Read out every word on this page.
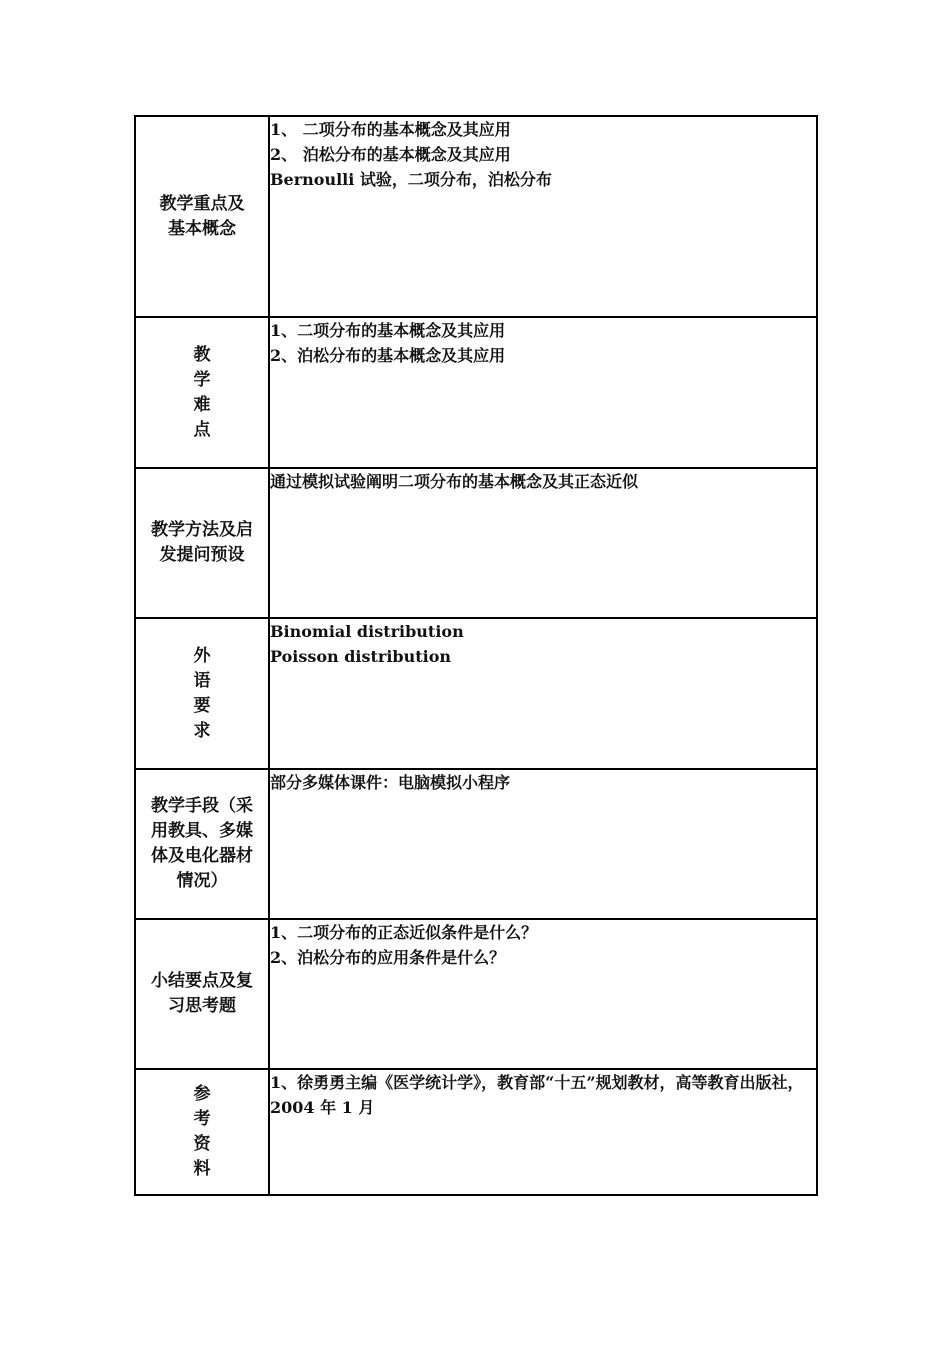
教学重点及
基本概念	1、 二项分布的基本概念及其应用
2、 泊松分布的基本概念及其应用
Bernoulli 试验，二项分布，泊松分布

教
学
难
点	1、二项分布的基本概念及其应用
2、泊松分布的基本概念及其应用

教学方法及启
发提问预设	通过模拟试验阐明二项分布的基本概念及其正态近似

外
语
要
求	Binomial distribution
Poisson distribution

教学手段（采
用教具、多媒
体及电化器材
情况）	部分多媒体课件：电脑模拟小程序

小结要点及复
习思考题	1、二项分布的正态近似条件是什么？
2、泊松分布的应用条件是什么？

参
考
资
料	1、徐勇勇主编《医学统计学》，教育部“十五”规划教材，高等教育出版社，2004 年 1 月
